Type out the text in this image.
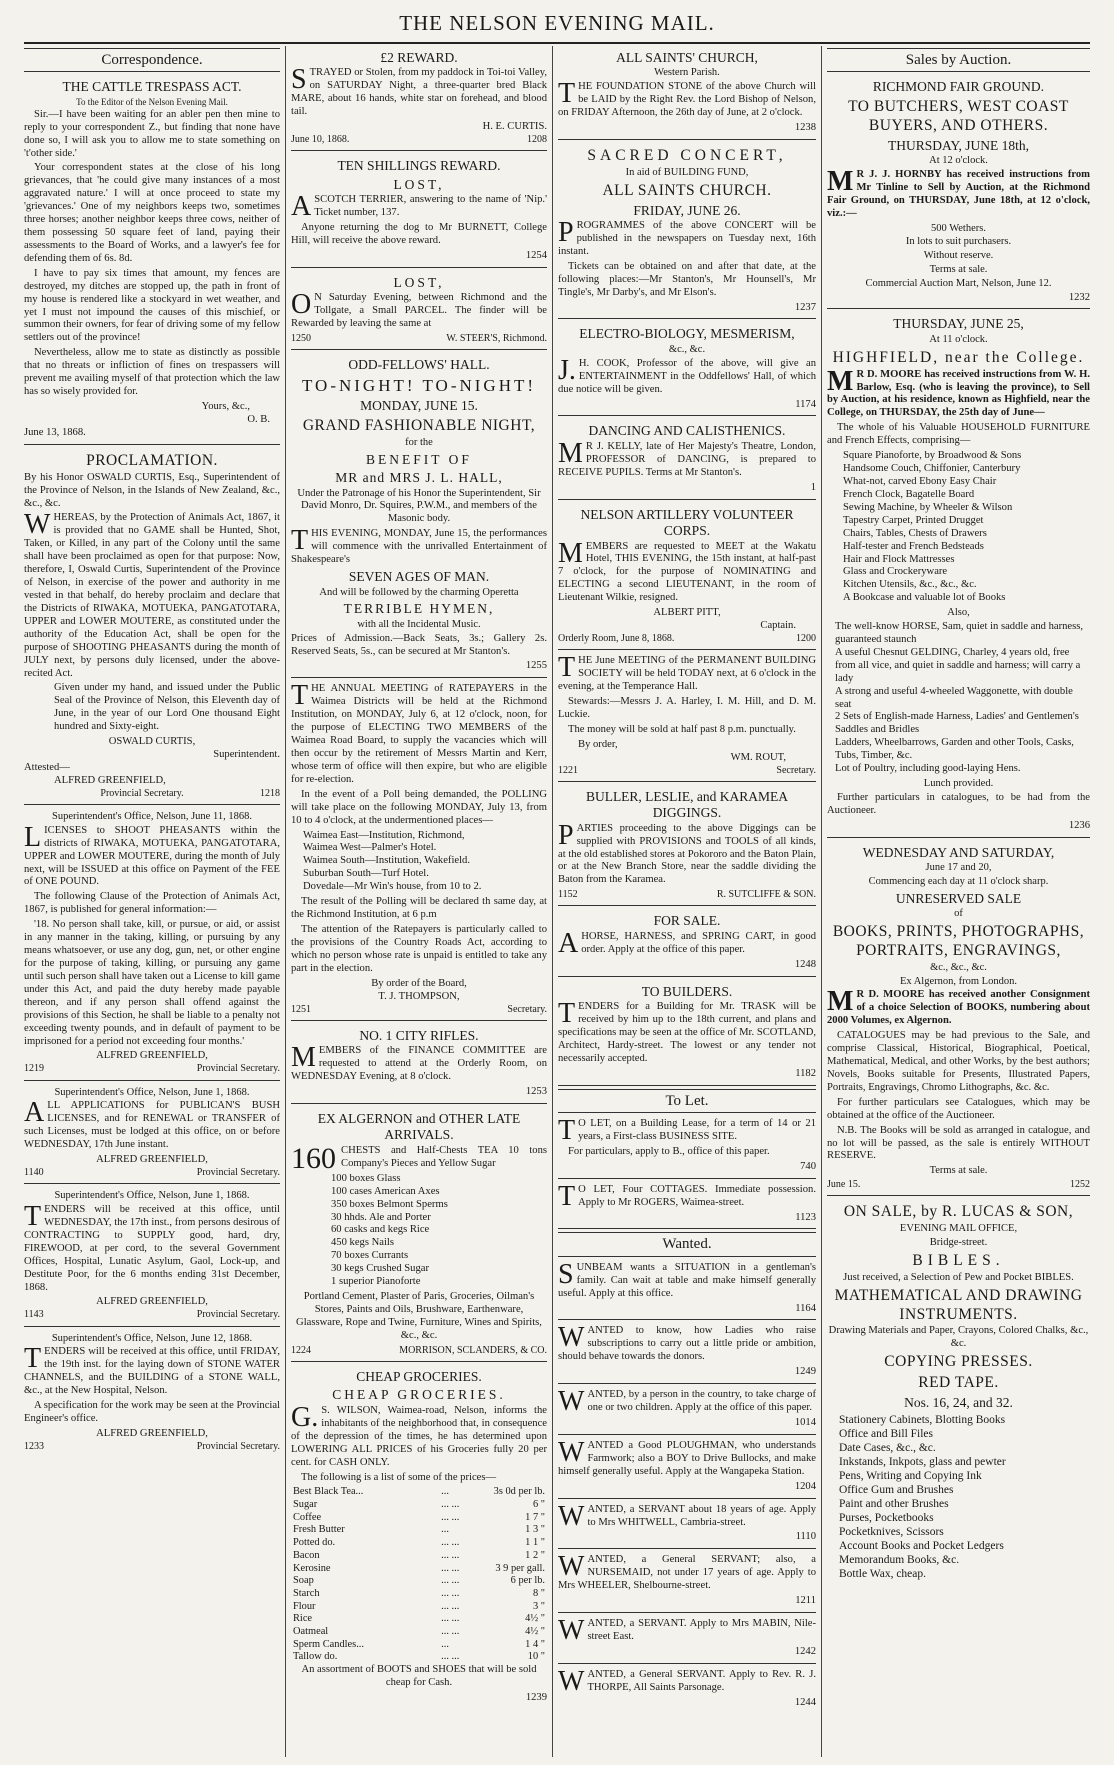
THE NELSON EVENING MAIL.
Correspondence.
THE CATTLE TRESPASS ACT.
To the Editor of the Nelson Evening Mail.

Sir.—I have been waiting for an abler pen then mine to reply to your correspondent Z., but finding that none have done so, I will ask you to allow me to state something on 't'other side.'

Your correspondent states at the close of his long grievances, that 'he could give many instances of a most aggravated nature.' I will at once proceed to state my 'grievances.' One of my neighbors keeps two, sometimes three horses; another neighbor keeps three cows, neither of them possessing 50 square feet of land, paying their assessments to the Board of Works, and a lawyer's fee for defending them of 6s. 8d.

I have to pay six times that amount, my fences are destroyed, my ditches are stopped up, the path in front of my house is rendered like a stockyard in wet weather, and yet I must not impound the causes of this mischief, or summon their owners, for fear of driving some of my fellow settlers out of the province!

Nevertheless, allow me to state as distinctly as possible that no threats or infliction of fines on trespassers will prevent me availing myself of that protection which the law has so wisely provided for.

Yours, &c.,
O. B.
June 13, 1868.
PROCLAMATION.

By his Honor OSWALD CURTIS, Esq., Superintendent of the Province of Nelson, in the Islands of New Zealand, &c., &c., &c.

WHEREAS, by the Protection of Animals Act, 1867, it is provided that no GAME shall be Hunted, Shot, Taken, or Killed, in any part of the Colony until the same shall have been proclaimed as open for that purpose: Now, therefore, I, Oswald Curtis, Superintendent of the Province of Nelson, in exercise of the power and authority in me vested in that behalf, do hereby proclaim and declare that the Districts of RIWAKA, MOTUEKA, PANGATOTARA, UPPER and LOWER MOUTERE, as constituted under the authority of the Education Act, shall be open for the purpose of SHOOTING PHEASANTS during the month of JULY next, by persons duly licensed, under the above-recited Act.

Given under my hand, and issued under the Public Seal of the Province of Nelson, this Eleventh day of June, in the year of our Lord One thousand Eight hundred and Sixty-eight.

OSWALD CURTIS,
Superintendent.
Attested—
ALFRED GREENFIELD,
Provincial Secretary.	1218
Superintendent's Office, Nelson, June 11, 1868.

LICENSES to SHOOT PHEASANTS within the districts of RIWAKA, MOTUEKA, PANGATOTARA, UPPER and LOWER MOUTERE, during the month of July next, will be ISSUED at this office on Payment of the FEE of ONE POUND.

The following Clause of the Protection of Animals Act, 1867, is published for general information:—

'18. No person shall take, kill, or pursue, or aid, or assist in any manner in the taking, killing, or pursuing by any means whatsoever, or use any dog, gun, net, or other engine for the purpose of taking, killing, or pursuing any game until such person shall have taken out a License to kill game under this Act, and paid the duty hereby made payable thereon, and if any person shall offend against the provisions of this Section, he shall be liable to a penalty not exceeding twenty pounds, and in default of payment to be imprisoned for a period not exceeding four months.'

ALFRED GREENFIELD,
1219	Provincial Secretary.
Superintendent's Office, Nelson, June 1, 1868.

ALL APPLICATIONS for PUBLICAN'S BUSH LICENSES, and for RENEWAL or TRANSFER of such Licenses, must be lodged at this office, on or before WEDNESDAY, 17th June instant.

ALFRED GREENFIELD,
1140	Provincial Secretary.
Superintendent's Office, Nelson, June 1, 1868.

TENDERS will be received at this office, until WEDNESDAY, the 17th inst., from persons desirous of CONTRACTING to SUPPLY good, hard, dry, FIREWOOD, at per cord, to the several Government Offices, Hospital, Lunatic Asylum, Gaol, Lock-up, and Destitute Poor, for the 6 months ending 31st December, 1868.

ALFRED GREENFIELD,
1143	Provincial Secretary.
Superintendent's Office, Nelson, June 12, 1868.

TENDERS will be received at this office, until FRIDAY, the 19th inst. for the laying down of STONE WATER CHANNELS, and the BUILDING of a STONE WALL, &c., at the New Hospital, Nelson.

A specification for the work may be seen at the Provincial Engineer's office.

ALFRED GREENFIELD,
1233	Provincial Secretary.
£2 REWARD.

STRAYED or Stolen, from my paddock in Toi-toi Valley, on SATURDAY Night, a three-quarter bred Black MARE, about 16 hands, white star on forehead, and blood tail.

H. E. CURTIS.
June 10, 1868.	1208
TEN SHILLINGS REWARD.
LOST,

ASCOTCH TERRIER, answering to the name of 'Nip.' Ticket number, 137.

Anyone returning the dog to Mr BURNETT, College Hill, will receive the above reward.

1254
LOST,

ON Saturday Evening, between Richmond and the Tollgate, a Small PARCEL. The finder will be Rewarded by leaving the same at

1250	W. STEER'S, Richmond.
ODD-FELLOWS' HALL.
TO-NIGHT! TO-NIGHT!
MONDAY, JUNE 15.
GRAND FASHIONABLE NIGHT,
for the
BENEFIT OF
MR and MRS J. L. HALL,

Under the Patronage of his Honor the Superintendent, Sir David Monro, Dr. Squires, P.W.M., and members of the Masonic body.

THIS EVENING, MONDAY, June 15, the performances will commence with the unrivalled Entertainment of Shakespeare's

SEVEN AGES OF MAN.
And will be followed by the charming Operetta
TERRIBLE HYMEN,
with all the Incidental Music.

Prices of Admission.—Back Seats, 3s.; Gallery 2s. Reserved Seats, 5s., can be secured at Mr Stanton's.

1255

THE ANNUAL MEETING of RATEPAYERS in the Waimea Districts will be held at the Richmond Institution, on MONDAY, July 6, at 12 o'clock, noon, for the purpose of ELECTING TWO MEMBERS of the Waimea Road Board, to supply the vacancies which will then occur by the retirement of Messrs Martin and Kerr, whose term of office will then expire, but who are eligible for re-election.

In the event of a Poll being demanded, the POLLING will take place on the following MONDAY, July 13, from 10 to 4 o'clock, at the undermentioned places—

Waimea East—Institution, Richmond,
Waimea West—Palmer's Hotel.
Waimea South—Institution, Wakefield.
Suburban South—Turf Hotel.
Dovedale—Mr Win's house, from 10 to 2.

The result of the Polling will be declared th same day, at the Richmond Institution, at 6 p.m

The attention of the Ratepayers is particularly called to the provisions of the Country Roads Act, according to which no person whose rate is unpaid is entitled to take any part in the election.

By order of the Board,
T. J. THOMPSON,
1251	Secretary.
NO. 1 CITY RIFLES.

MEMBERS of the FINANCE COMMITTEE are requested to attend at the Orderly Room, on WEDNESDAY Evening, at 8 o'clock.

1253
EX ALGERNON and OTHER LATE ARRIVALS.

160 CHESTS and Half-Chests TEA 10 tons Company's Pieces and Yellow Sugar

100 boxes Glass
100 cases American Axes
350 boxes Belmont Sperms
30 hhds. Ale and Porter
60 casks and kegs Rice
450 kegs Nails
70 boxes Currants
30 kegs Crushed Sugar
1 superior Pianoforte

Portland Cement, Plaster of Paris, Groceries, Oilman's Stores, Paints and Oils, Brushware, Earthenware, Glassware, Rope and Twine, Furniture, Wines and Spirits, &c., &c.

1224	MORRISON, SCLANDERS, & CO.
CHEAP GROCERIES.
CHEAP GROCERIES.

G.S. WILSON, Waimea-road, Nelson, informs the inhabitants of the neighborhood that, in consequence of the depression of the times, he has determined upon LOWERING ALL PRICES of his Groceries fully 20 per cent. for CASH ONLY.

The following is a list of some of the prices—

Best Black Tea...	...	3s 0d per lb.
Sugar	... ...	6 "
Coffee	... ...	1 7 "
Fresh Butter	...	1 3 "
Potted do.	... ...	1 1 "
Bacon	... ...	1 2 "
Kerosine	... ...	3 9 per gall.
Soap	... ...	6 per lb.
Starch	... ...	8 "
Flour	... ...	3 "
Rice	... ...	4½ "
Oatmeal	... ...	4½ "
Sperm Candles...	...	1 4 "
Tallow do.	... ...	10 "

An assortment of BOOTS and SHOES that will be sold cheap for Cash.

1239
ALL SAINTS' CHURCH,
Western Parish.

THE FOUNDATION STONE of the above Church will be LAID by the Right Rev. the Lord Bishop of Nelson, on FRIDAY Afternoon, the 26th day of June, at 2 o'clock.

1238
SACRED CONCERT,
In aid of BUILDING FUND,
ALL SAINTS CHURCH.
FRIDAY, JUNE 26.

PROGRAMMES of the above CONCERT will be published in the newspapers on Tuesday next, 16th instant.

Tickets can be obtained on and after that date, at the following places:—Mr Stanton's, Mr Hounsell's, Mr Tingle's, Mr Darby's, and Mr Elson's.

1237
ELECTRO-BIOLOGY, MESMERISM,
&c., &c.

J.H. COOK, Professor of the above, will give an ENTERTAINMENT in the Oddfellows' Hall, of which due notice will be given.

1174
DANCING AND CALISTHENICS.

MR J. KELLY, late of Her Majesty's Theatre, London, PROFESSOR of DANCING, is prepared to RECEIVE PUPILS. Terms at Mr Stanton's.

1
NELSON ARTILLERY VOLUNTEER CORPS.

MEMBERS are requested to MEET at the Wakatu Hotel, THIS EVENING, the 15th instant, at half-past 7 o'clock, for the purpose of NOMINATING and ELECTING a second LIEUTENANT, in the room of Lieutenant Wilkie, resigned.

ALBERT PITT,
Captain.
Orderly Room, June 8, 1868.	1200

THE June MEETING of the PERMANENT BUILDING SOCIETY will be held TODAY next, at 6 o'clock in the evening, at the Temperance Hall.

Stewards:—Messrs J. A. Harley, I. M. Hill, and D. M. Luckie.

The money will be sold at half past 8 p.m. punctually.

By order,
WM. ROUT,
1221	Secretary.
BULLER, LESLIE, and KARAMEA DIGGINGS.

PARTIES proceeding to the above Diggings can be supplied with PROVISIONS and TOOLS of all kinds, at the old established stores at Pokororo and the Baton Plain, or at the New Branch Store, near the saddle dividing the Baton from the Karamea.

1152	R. SUTCLIFFE & SON.
FOR SALE.

AHORSE, HARNESS, and SPRING CART, in good order. Apply at the office of this paper.

1248
TO BUILDERS.

TENDERS for a Building for Mr. TRASK will be received by him up to the 18th current, and plans and specifications may be seen at the office of Mr. SCOTLAND, Architect, Hardy-street. The lowest or any tender not necessarily accepted.

1182
To Let.

TO LET, on a Building Lease, for a term of 14 or 21 years, a First-class BUSINESS SITE.

For particulars, apply to B., office of this paper.

740

TO LET, Four COTTAGES. Immediate possession. Apply to Mr ROGERS, Waimea-street.

1123
Wanted.

SUNBEAM wants a SITUATION in a gentleman's family. Can wait at table and make himself generally useful. Apply at this office.

1164

WANTED to know, how Ladies who raise subscriptions to carry out a little pride or ambition, should behave towards the donors.

1249

WANTED, by a person in the country, to take charge of one or two children. Apply at the office of this paper.

1014

WANTED a Good PLOUGHMAN, who understands Farmwork; also a BOY to Drive Bullocks, and make himself generally useful. Apply at the Wangapeka Station.

1204

WANTED, a SERVANT about 18 years of age. Apply to Mrs WHITWELL, Cambria-street.

1110

WANTED, a General SERVANT; also, a NURSEMAID, not under 17 years of age. Apply to Mrs WHEELER, Shelbourne-street.

1211

WANTED, a SERVANT. Apply to Mrs MABIN, Nile-street East.

1242

WANTED, a General SERVANT. Apply to Rev. R. J. THORPE, All Saints Parsonage.

1244
Sales by Auction.
RICHMOND FAIR GROUND.
TO BUTCHERS, WEST COAST BUYERS, AND OTHERS.
THURSDAY, JUNE 18th,
At 12 o'clock.

MR J. J. HORNBY has received instructions from Mr Tinline to Sell by Auction, at the Richmond Fair Ground, on THURSDAY, June 18th, at 12 o'clock, viz.:—

500 Wethers.
In lots to suit purchasers.
Without reserve.
Terms at sale.
Commercial Auction Mart, Nelson, June 12.
1232
THURSDAY, JUNE 25,
At 11 o'clock.
HIGHFIELD, near the College.

MR D. MOORE has received instructions from W. H. Barlow, Esq. (who is leaving the province), to Sell by Auction, at his residence, known as Highfield, near the College, on THURSDAY, the 25th day of June—

The whole of his Valuable HOUSEHOLD FURNITURE and French Effects, comprising—

Square Pianoforte, by Broadwood & Sons
Handsome Couch, Chiffonier, Canterbury
What-not, carved Ebony Easy Chair
French Clock, Bagatelle Board
Sewing Machine, by Wheeler & Wilson
Tapestry Carpet, Printed Drugget
Chairs, Tables, Chests of Drawers
Half-tester and French Bedsteads
Hair and Flock Mattresses
Glass and Crockeryware
Kitchen Utensils, &c., &c., &c.
A Bookcase and valuable lot of Books
Also,
The well-know HORSE, Sam, quiet in saddle and harness, guaranteed staunch
A useful Chesnut GELDING, Charley, 4 years old, free from all vice, and quiet in saddle and harness; will carry a lady
A strong and useful 4-wheeled Waggonette, with double seat
2 Sets of English-made Harness, Ladies' and Gentlemen's Saddles and Bridles
Ladders, Wheelbarrows, Garden and other Tools, Casks, Tubs, Timber, &c.
Lot of Poultry, including good-laying Hens.
Lunch provided.

Further particulars in catalogues, to be had from the Auctioneer.

1236
WEDNESDAY AND SATURDAY,
June 17 and 20,
Commencing each day at 11 o'clock sharp.
UNRESERVED SALE
of
BOOKS, PRINTS, PHOTOGRAPHS, PORTRAITS, ENGRAVINGS,
&c., &c., &c.
Ex Algernon, from London.

MR D. MOORE has received another Consignment of a choice Selection of BOOKS, numbering about 2000 Volumes, ex Algernon.

CATALOGUES may be had previous to the Sale, and comprise Classical, Historical, Biographical, Poetical, Mathematical, Medical, and other Works, by the best authors; Novels, Books suitable for Presents, Illustrated Papers, Portraits, Engravings, Chromo Lithographs, &c. &c.

For further particulars see Catalogues, which may be obtained at the office of the Auctioneer.

N.B. The Books will be sold as arranged in catalogue, and no lot will be passed, as the sale is entirely WITHOUT RESERVE.

Terms at sale.
June 15.	1252
ON SALE, by R. LUCAS & SON,
EVENING MAIL OFFICE,
Bridge-street.
BIBLES.

Just received, a Selection of Pew and Pocket BIBLES.

MATHEMATICAL AND DRAWING INSTRUMENTS.

Drawing Materials and Paper, Crayons, Colored Chalks, &c., &c.

COPYING PRESSES.
RED TAPE.
Nos. 16, 24, and 32.
Stationery Cabinets, Blotting Books
Office and Bill Files
Date Cases, &c., &c.
Inkstands, Inkpots, glass and pewter
Pens, Writing and Copying Ink
Office Gum and Brushes
Paint and other Brushes
Purses, Pocketbooks
Pocketknives, Scissors
Account Books and Pocket Ledgers
Memorandum Books, &c.
Bottle Wax, cheap.
